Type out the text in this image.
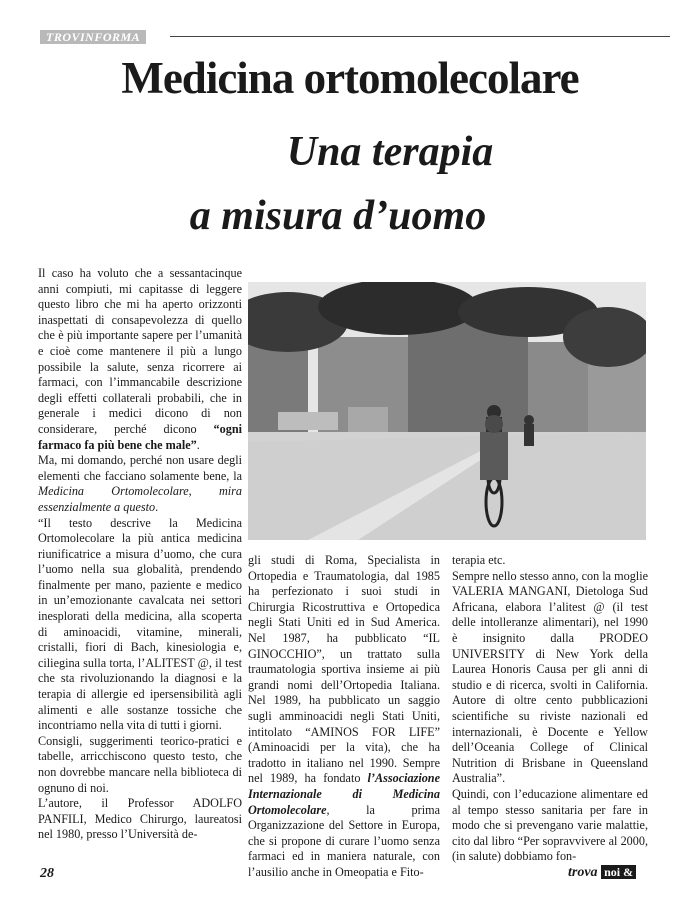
TROVINFORMA
Medicina ortomolecolare
Una terapia
a misura d’uomo

Il caso ha voluto che a sessantacinque anni compiuti, mi capitasse di leggere questo libro che mi ha aperto orizzonti inaspettati di consapevolezza di quello che è più importante sapere per l’umanità e cioè come mantenere il più a lungo possibile la salute, senza ricorrere ai farmaci, con l’immancabile descrizione degli effetti collaterali probabili, che in generale i medici dicono di non considerare, perché dicono “ogni farmaco fa più bene che male”.

Ma, mi domando, perché non usare degli elementi che facciano solamente bene, la Medicina Ortomolecolare, mira essenzialmente a questo.

“Il testo descrive la Medicina Ortomolecolare la più antica medicina riunificatrice a misura d’uomo, che cura l’uomo nella sua globalità, prendendo finalmente per mano, paziente e medico in un’emozionante cavalcata nei settori inesplorati della medicina, alla scoperta di aminoacidi, vitamine, minerali, cristalli, fiori di Bach, kinesiologia e, ciliegina sulla torta, l’ALITEST @, il test che sta rivoluzionando la diagnosi e la terapia di allergie ed ipersensibilità agli alimenti e alle sostanze tossiche che incontriamo nella vita di tutti i giorni.

Consigli, suggerimenti teorico-pratici e tabelle, arricchiscono questo testo, che non dovrebbe mancare nella biblioteca di ognuno di noi.

L’autore, il Professor ADOLFO PANFILI, Medico Chirurgo, laureatosi nel 1980, presso l’Università de-

gli studi di Roma, Specialista in Ortopedia e Traumatologia, dal 1985 ha perfezionato i suoi studi in Chirurgia Ricostruttiva e Ortopedica negli Stati Uniti ed in Sud America. Nel 1987, ha pubblicato “IL GINOCCHIO”, un trattato sulla traumatologia sportiva insieme ai più grandi nomi dell’Ortopedia Italiana. Nel 1989, ha pubblicato un saggio sugli amminoacidi negli Stati Uniti, intitolato “AMINOS FOR LIFE” (Aminoacidi per la vita), che ha tradotto in italiano nel 1990. Sempre nel 1989, ha fondato l’Associazione Internazionale di Medicina Ortomolecolare, la prima Organizzazione del Settore in Europa, che si propone di curare l’uomo senza farmaci ed in maniera naturale, con l’ausilio anche in Omeopatia e Fito-

terapia etc.

Sempre nello stesso anno, con la moglie VALERIA MANGANI, Dietologa Sud Africana, elabora l’alitest @ (il test delle intolleranze alimentari), nel 1990 è insignito dalla PRODEO UNIVERSITY di New York della Laurea Honoris Causa per gli anni di studio e di ricerca, svolti in California. Autore di oltre cento pubblicazioni scientifiche su riviste nazionali ed internazionali, è Docente e Yellow dell’Oceania College of Clinical Nutrition di Brisbane in Queensland Australia”.

Quindi, con l’educazione alimentare ed al tempo stesso sanitaria per fare in modo che si prevengano varie malattie, cito dal libro “Per sopravvivere al 2000, (in salute) dobbiamo fon-

28	trova noi &
